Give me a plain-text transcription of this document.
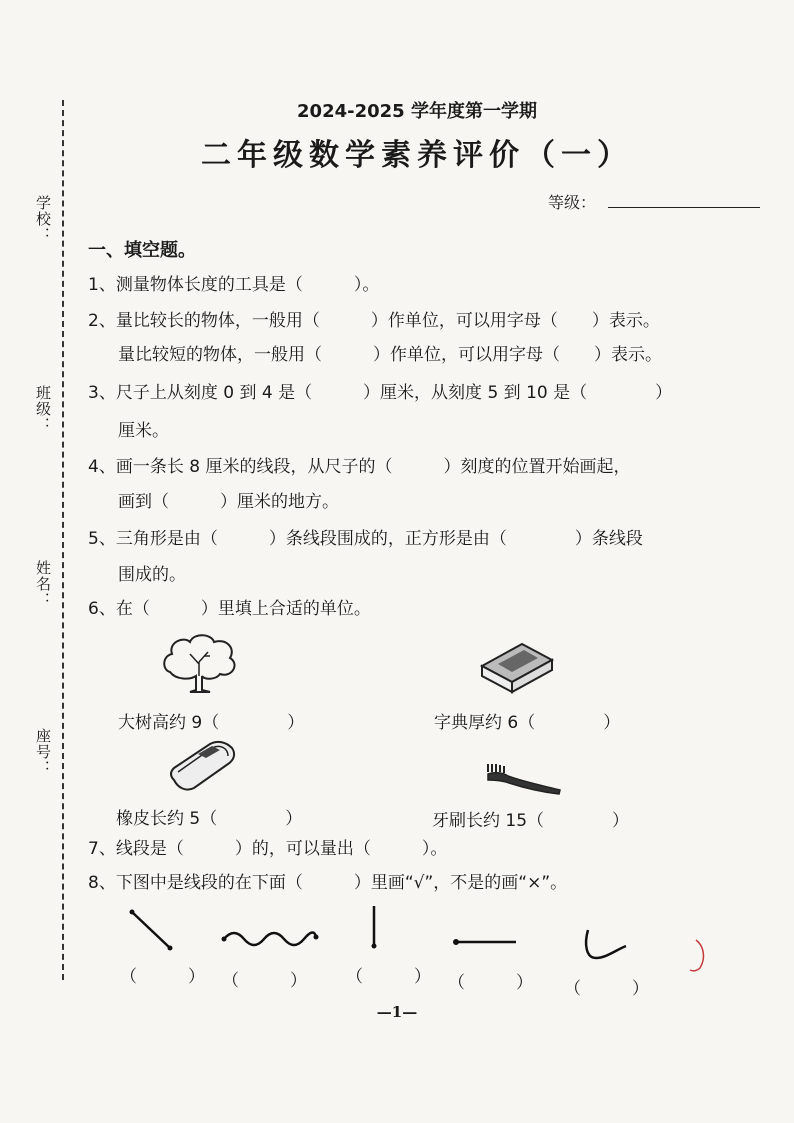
学校：
班级：
姓名：
座号：
2024-2025 学年度第一学期
二年级数学素养评价（一）
等级：
一、填空题。
1、测量物体长度的工具是（　　　）。
2、量比较长的物体，一般用（　　　）作单位，可以用字母（　　）表示。
量比较短的物体，一般用（　　　）作单位，可以用字母（　　）表示。
3、尺子上从刻度 0 到 4 是（　　　）厘米，从刻度 5 到 10 是（　　　　）
厘米。
4、画一条长 8 厘米的线段，从尺子的（　　　）刻度的位置开始画起，
画到（　　　）厘米的地方。
5、三角形是由（　　　）条线段围成的，正方形是由（　　　　）条线段
围成的。
6、在（　　　）里填上合适的单位。
大树高约 9（　　　　）	字典厚约 6（　　　　）
橡皮长约 5（　　　　）	牙刷长约 15（　　　　）
7、线段是（　　　）的，可以量出（　　　）。
8、下图中是线段的在下面（　　　）里画“√”，不是的画“×”。
（　　　） （　　　） （　　　） （　　　） （　　　）
—1—
